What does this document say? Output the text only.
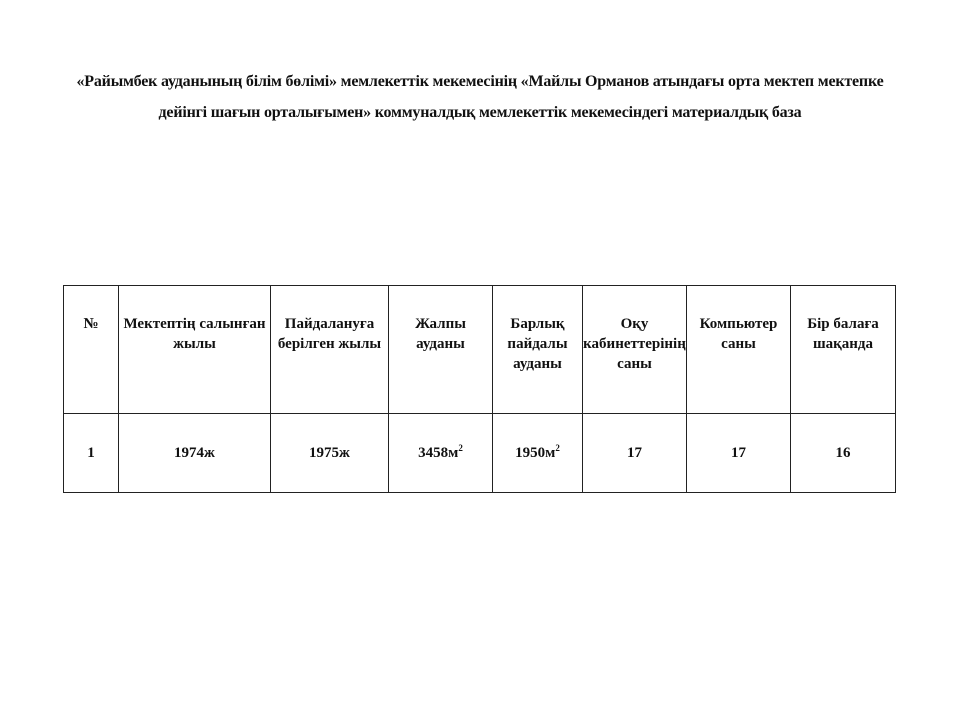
«Райымбек ауданының білім бөлімі» мемлекеттік мекемесінің «Майлы Орманов атындағы орта мектеп мектепке
дейінгі шағын орталығымен» коммуналдық мемлекеттік мекемесіндегі материалдық база
№	Мектептің салынған жылы	Пайдалануға берілген жылы	Жалпы ауданы	Барлық пайдалы ауданы	Оқу кабинеттерінің саны	Компьютер саны	Бір балаға шақанда
1	1974ж	1975ж	$3458м^2$	$1950м^2$	17	17	16
